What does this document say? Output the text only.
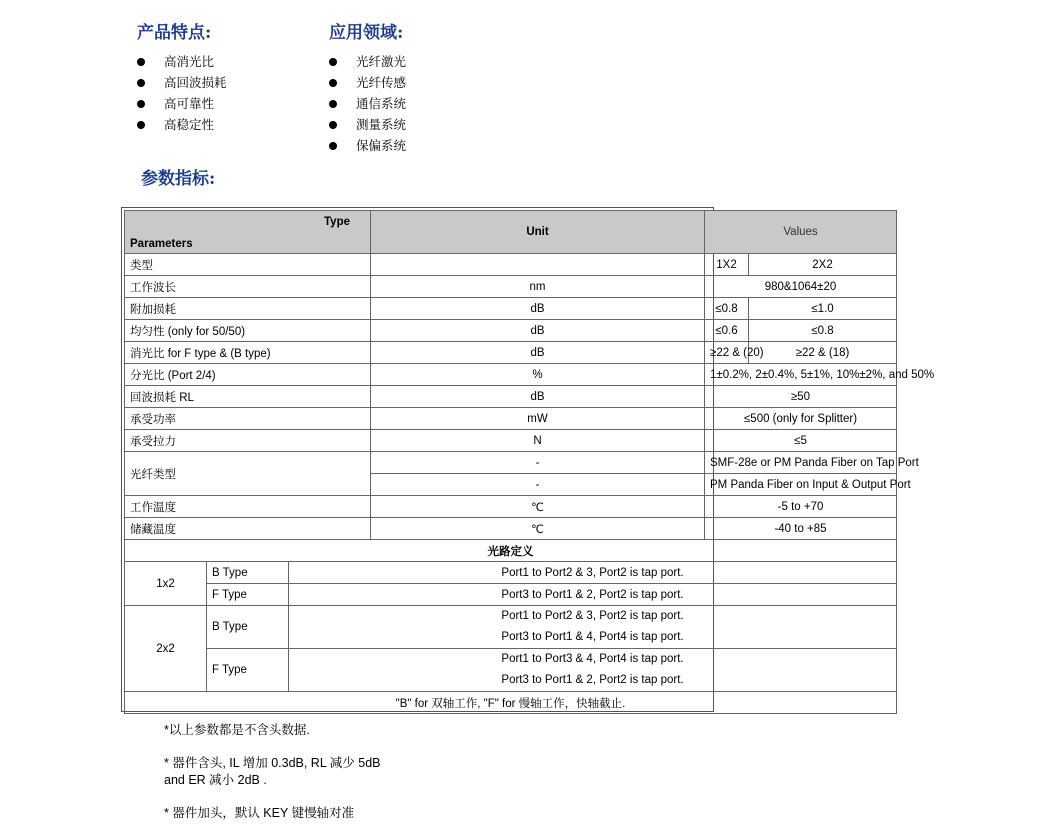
产品特点:
高消光比
高回波损耗
高可靠性
高稳定性
应用领域:
光纤激光
光纤传感
通信系统
测量系统
保偏系统
参数指标:
Type
Parameters			Unit	Values	
类型				1X2	2X2
工作波长			nm	980&1064±20	
附加损耗			dB	≤0.8	≤1.0
均匀性 (only for 50/50)			dB	≤0.6	≤0.8
消光比 for F type & (B type)			dB	≥22 & (20)	≥22 & (18)
分光比 (Port 2/4)			%	1±0.2%, 2±0.4%, 5±1%, 10%±2%, and 50%	
回波损耗 RL			dB	≥50	
承受功率			mW	≤500 (only for Splitter)	
承受拉力			N	≤5	
光纤类型			-	SMF-28e or PM Panda Fiber on Tap Port	
			-	PM Panda Fiber on Input & Output Port	
工作温度			℃	-5 to +70	
储藏温度			℃	-40 to +85	
光路定义					
1x2	B Type	Port1 to Port2 & 3, Port2 is tap port.			
	F Type	Port3 to Port1 & 2, Port2 is tap port.			
2x2	B Type	Port1 to Port2 & 3, Port2 is tap port.
Port3 to Port1 & 4, Port4 is tap port.			

	F Type	Port1 to Port3 & 4, Port4 is tap port.
Port3 to Port1 & 2, Port2 is tap port.			

"B" for 双轴工作, "F" for 慢轴工作，快轴截止.					

*以上参数都是不含头数据.

* 器件含头, IL 增加 0.3dB, RL 减少 5dB

and ER 减小 2dB .

* 器件加头，默认 KEY 键慢轴对准
